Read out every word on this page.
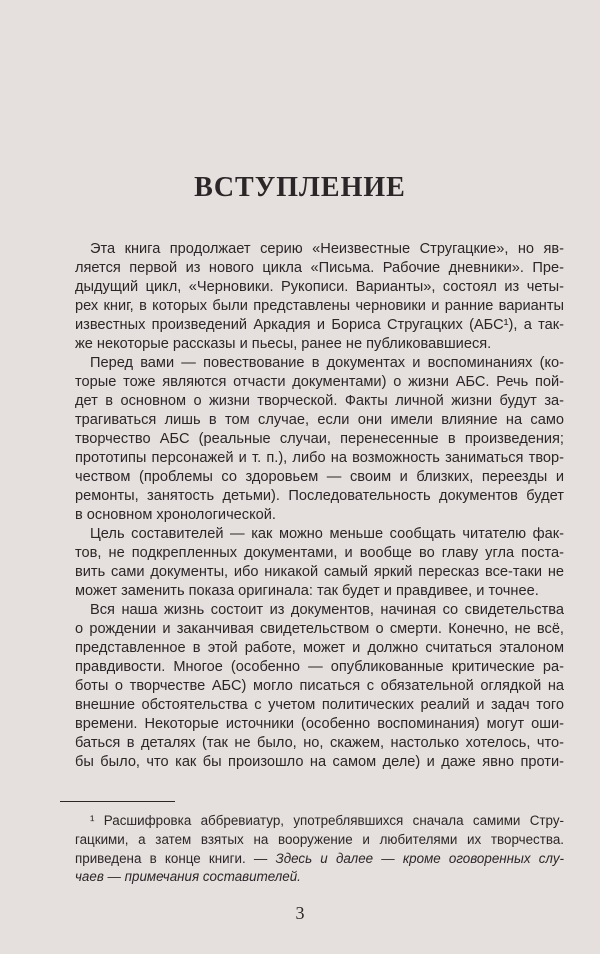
ВСТУПЛЕНИЕ
Эта книга продолжает серию «Неизвестные Стругацкие», но яв-
ляется первой из нового цикла «Письма. Рабочие дневники». Пре-
дыдущий цикл, «Черновики. Рукописи. Варианты», состоял из четы-
рех книг, в которых были представлены черновики и ранние варианты
известных произведений Аркадия и Бориса Стругацких (АБС¹), а так-
же некоторые рассказы и пьесы, ранее не публиковавшиеся.
Перед вами — повествование в документах и воспоминаниях (ко-
торые тоже являются отчасти документами) о жизни АБС. Речь пой-
дет в основном о жизни творческой. Факты личной жизни будут за-
трагиваться лишь в том случае, если они имели влияние на само
творчество АБС (реальные случаи, перенесенные в произведения;
прототипы персонажей и т. п.), либо на возможность заниматься твор-
чеством (проблемы со здоровьем — своим и близких, переезды и
ремонты, занятость детьми). Последовательность документов будет
в основном хронологической.
Цель составителей — как можно меньше сообщать читателю фак-
тов, не подкрепленных документами, и вообще во главу угла поста-
вить сами документы, ибо никакой самый яркий пересказ все-таки не
может заменить показа оригинала: так будет и правдивее, и точнее.
Вся наша жизнь состоит из документов, начиная со свидетельства
о рождении и заканчивая свидетельством о смерти. Конечно, не всё,
представленное в этой работе, может и должно считаться эталоном
правдивости. Многое (особенно — опубликованные критические ра-
боты о творчестве АБС) могло писаться с обязательной оглядкой на
внешние обстоятельства с учетом политических реалий и задач того
времени. Некоторые источники (особенно воспоминания) могут оши-
баться в деталях (так не было, но, скажем, настолько хотелось, что-
бы было, что как бы произошло на самом деле) и даже явно проти-
¹ Расшифровка аббревиатур, употреблявшихся сначала самими Стру-
гацкими, а затем взятых на вооружение и любителями их творчества.
приведена в конце книги. — Здесь и далее — кроме оговоренных слу-
чаев — примечания составителей.
3
